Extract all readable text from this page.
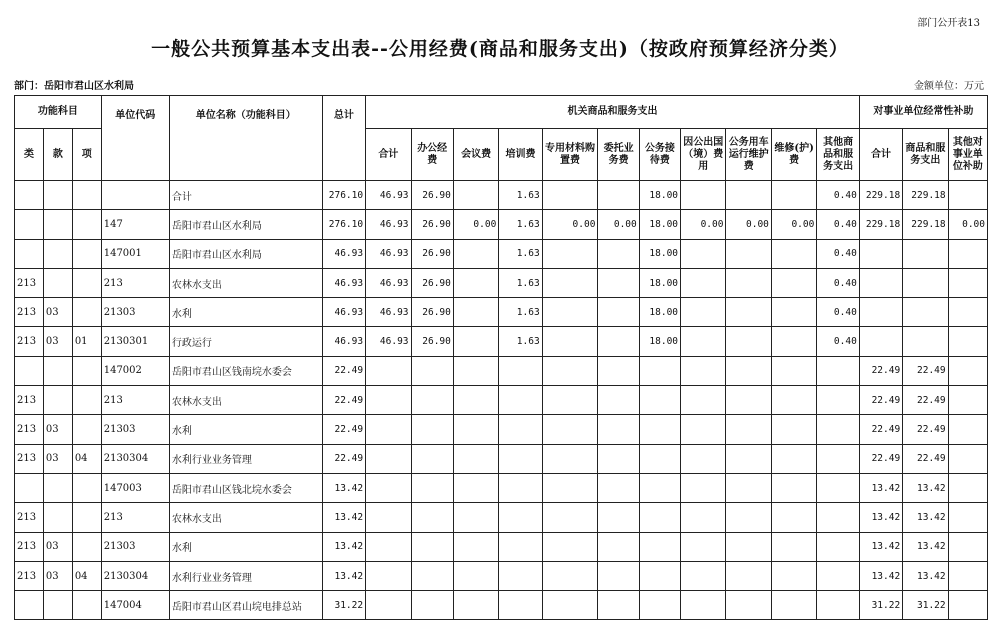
部门公开表13
一般公共预算基本支出表--公用经费(商品和服务支出)（按政府预算经济分类）
部门：岳阳市君山区水利局	金额单位：万元
功能科目			单位代码	单位名称（功能科目）	总计	机关商品和服务支出											对事业单位经常性补助		
类	款	项				合计	办公经费	会议费	培训费	专用材料购置费	委托业务费	公务接待费	因公出国（境）费用	公务用车运行维护费	维修(护)费	其他商品和服务支出	合计	商品和服务支出	其他对事业单位补助
				合计	276.10	46.93	26.90		1.63			18.00				0.40	229.18	229.18	
			147	岳阳市君山区水利局	276.10	46.93	26.90	0.00	1.63	0.00	0.00	18.00	0.00	0.00	0.00	0.40	229.18	229.18	0.00
			147001	岳阳市君山区水利局	46.93	46.93	26.90		1.63			18.00				0.40			
213			213	农林水支出	46.93	46.93	26.90		1.63			18.00				0.40			
213	03		21303	水利	46.93	46.93	26.90		1.63			18.00				0.40			
213	03	01	2130301	行政运行	46.93	46.93	26.90		1.63			18.00				0.40			
			147002	岳阳市君山区钱南垸水委会	22.49												22.49	22.49	
213			213	农林水支出	22.49												22.49	22.49	
213	03		21303	水利	22.49												22.49	22.49	
213	03	04	2130304	水利行业业务管理	22.49												22.49	22.49	
			147003	岳阳市君山区钱北垸水委会	13.42												13.42	13.42	
213			213	农林水支出	13.42												13.42	13.42	
213	03		21303	水利	13.42												13.42	13.42	
213	03	04	2130304	水利行业业务管理	13.42												13.42	13.42	
			147004	岳阳市君山区君山垸电排总站	31.22												31.22	31.22	
